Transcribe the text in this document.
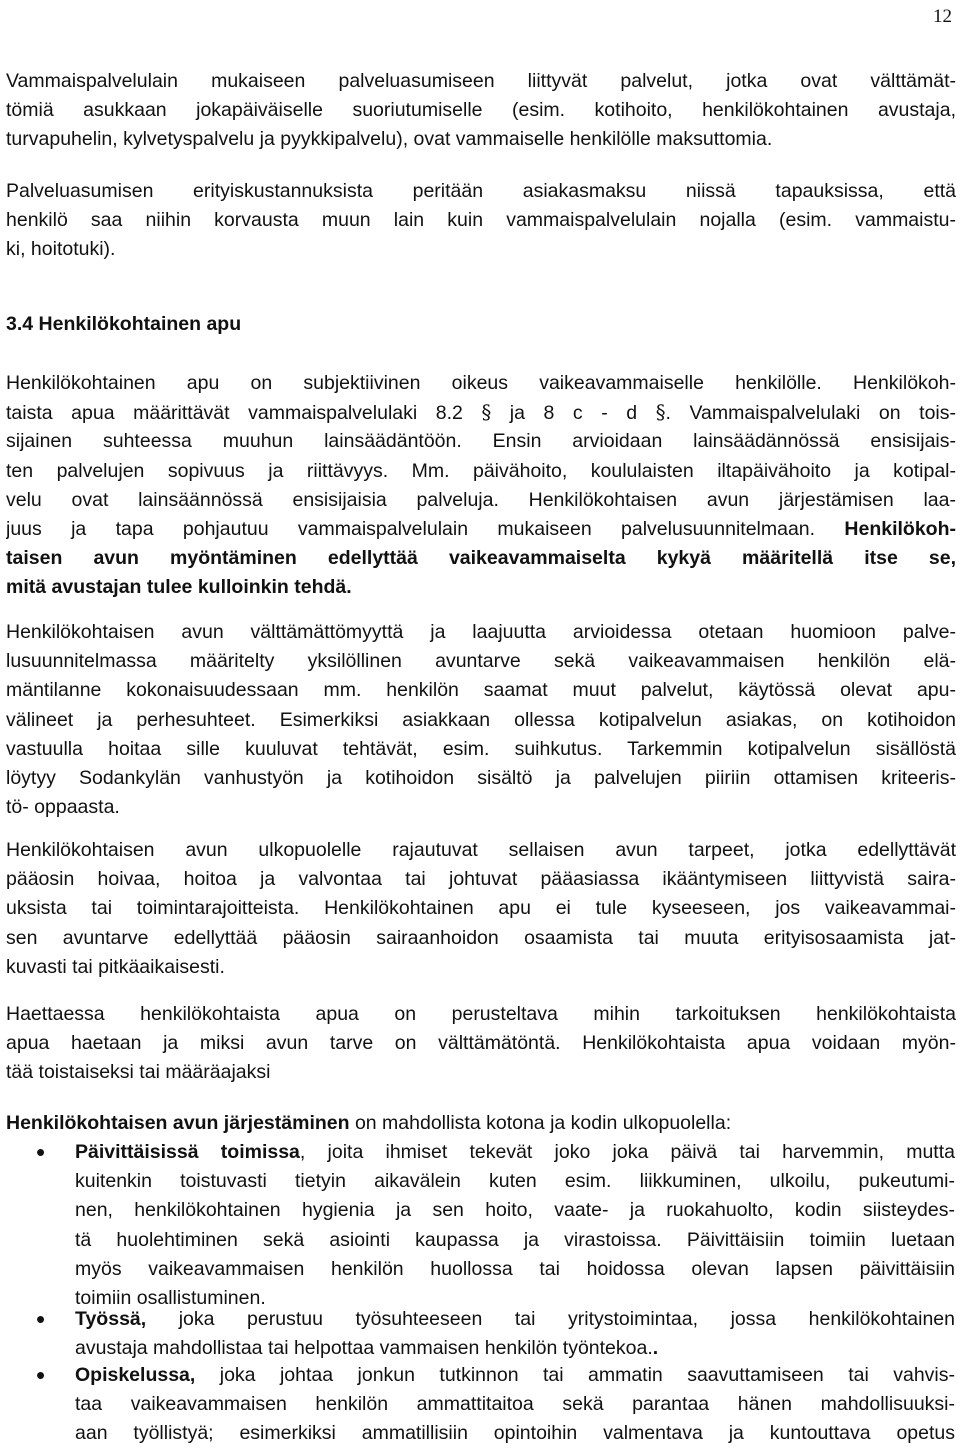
12
Vammaispalvelulain mukaiseen palveluasumiseen liittyvät palvelut, jotka ovat välttämät-
tömiä asukkaan jokapäiväiselle suoriutumiselle (esim. kotihoito, henkilökohtainen avustaja,
turvapuhelin, kylvetyspalvelu ja pyykkipalvelu), ovat vammaiselle henkilölle maksuttomia.
Palveluasumisen erityiskustannuksista peritään asiakasmaksu niissä tapauksissa, että
henkilö saa niihin korvausta muun lain kuin vammaispalvelulain nojalla (esim. vammaistu-
ki, hoitotuki).
3.4 Henkilökohtainen apu
Henkilökohtainen apu on subjektiivinen oikeus vaikeavammaiselle henkilölle. Henkilökoh-
taista apua määrittävät vammaispalvelulaki 8.2 § ja 8 c - d §. Vammaispalvelulaki on tois-
sijainen suhteessa muuhun lainsäädäntöön. Ensin arvioidaan lainsäädännössä ensisijais-
ten palvelujen sopivuus ja riittävyys. Mm. päivähoito, koululaisten iltapäivähoito ja kotipal-
velu ovat lainsäännössä ensisijaisia palveluja. Henkilökohtaisen avun järjestämisen laa-
juus ja tapa pohjautuu vammaispalvelulain mukaiseen palvelusuunnitelmaan. Henkilökoh-
taisen avun myöntäminen edellyttää vaikeavammaiselta kykyä määritellä itse se,
mitä avustajan tulee kulloinkin tehdä.
Henkilökohtaisen avun välttämättömyyttä ja laajuutta arvioidessa otetaan huomioon palve-
lusuunnitelmassa määritelty yksilöllinen avuntarve sekä vaikeavammaisen henkilön elä-
mäntilanne kokonaisuudessaan mm. henkilön saamat muut palvelut, käytössä olevat apu-
välineet ja perhesuhteet. Esimerkiksi asiakkaan ollessa kotipalvelun asiakas, on kotihoidon
vastuulla hoitaa sille kuuluvat tehtävät, esim. suihkutus. Tarkemmin kotipalvelun sisällöstä
löytyy Sodankylän vanhustyön ja kotihoidon sisältö ja palvelujen piiriin ottamisen kriteeris-
tö- oppaasta.
Henkilökohtaisen avun ulkopuolelle rajautuvat sellaisen avun tarpeet, jotka edellyttävät
pääosin hoivaa, hoitoa ja valvontaa tai johtuvat pääasiassa ikääntymiseen liittyvistä saira-
uksista tai toimintarajoitteista. Henkilökohtainen apu ei tule kyseeseen, jos vaikeavammai-
sen avuntarve edellyttää pääosin sairaanhoidon osaamista tai muuta erityisosaamista jat-
kuvasti tai pitkäaikaisesti.
Haettaessa henkilökohtaista apua on perusteltava mihin tarkoituksen henkilökohtaista
apua haetaan ja miksi avun tarve on välttämätöntä. Henkilökohtaista apua voidaan myön-
tää toistaiseksi tai määräajaksi
Henkilökohtaisen avun järjestäminen on mahdollista kotona ja kodin ulkopuolella:
• Päivittäisissä toimissa, joita ihmiset tekevät joko joka päivä tai harvemmin, mutta
kuitenkin toistuvasti tietyin aikavälein kuten esim. liikkuminen, ulkoilu, pukeutumi-
nen, henkilökohtainen hygienia ja sen hoito, vaate- ja ruokahuolto, kodin siisteydes-
tä huolehtiminen sekä asiointi kaupassa ja virastoissa. Päivittäisiin toimiin luetaan
myös vaikeavammaisen henkilön huollossa tai hoidossa olevan lapsen päivittäisiin
toimiin osallistuminen.
• Työssä, joka perustuu työsuhteeseen tai yritystoimintaa, jossa henkilökohtainen
avustaja mahdollistaa tai helpottaa vammaisen henkilön työntekoa..
• Opiskelussa, joka johtaa jonkun tutkinnon tai ammatin saavuttamiseen tai vahvis-
taa vaikeavammaisen henkilön ammattitaitoa sekä parantaa hänen mahdollisuuksi-
aan työllistyä; esimerkiksi ammatillisiin opintoihin valmentava ja kuntouttava opetus
